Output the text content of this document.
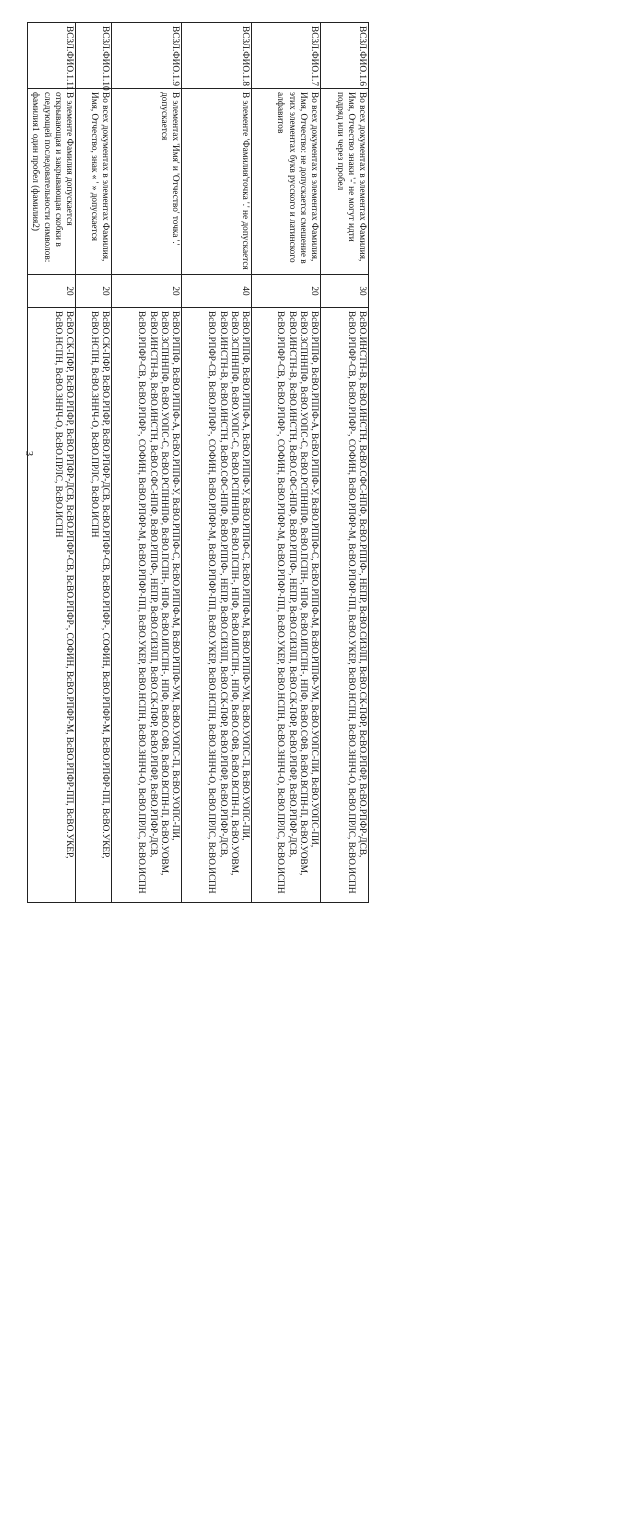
3
ВСЗЛ.ФИО.1.6	Во всех документах в элементах Фамилия, Имя, Отчество знаки '-' не могут идти подряд или через пробел	30	ВсВО.ИНСТН-В, ВсВО.ИНСТН, ВсВО.СФС-НПФ, ВсВО.РППФ-, НЕПР, ВсВО.СИЗЛП, ВсВО.СК-ПФР, ВсВО.РПФР, ВсВО.РПФР-ДСВ, ВсВО.РПФР-СВ, ВсВО.РПФР-, СОФИН, ВсВО.РПФР-М, ВсВО.РПФР-ПП, ВсВО.УКЕР, ВсВО.НСПН, ВсВО.ЗННЧ-О, ВсВО.ПРЛС, ВсВО.ИСПН
ВСЗЛ.ФИО.1.7	Во всех документах в элементах Фамилия, Имя, Отчество: не допускается смешение в этих элементах букв русского и латинского алфавитов	20	ВсВО.РППФ, ВсВО.РППФ-А, ВсВО.РППФ-У, ВсВО.РППФ-С, ВсВО.РППФ-М, ВсВО.РППФ-УМ, ВсВО.УОПС-ПИ, ВсВО.УОПС-ПИ, ВсВО.ЗСПННПФ, ВсВО.УОПС-С, ВсВО.РСПННПФ, ВсВО.ПСПН-, НПФ, ВсВО.ИПСПН-, НПФ, ВсВО.СФВ, ВсВО.ВСПН-П, ВсВО.УОВМ, ВсВО.ИНСТН-В, ВсВО.ИНСТН, ВсВО.СФС-НПФ, ВсВО.РППФ-, НЕПР, ВсВО.СИЗЛП, ВсВО.СК-ПФР, ВсВО.РПФР, ВсВО.РПФР-ДСВ, ВсВО.РПФР-СВ, ВсВО.РПФР-, СОФИН, ВсВО.РПФР-М, ВсВО.РПФР-ПП, ВсВО.УКЕР, ВсВО.НСПН, ВсВО.ЗННЧ-О, ВсВО.ПРЛС, ВсВО.ИСПН
ВСЗЛ.ФИО.1.8	В элементе 'Фамилия'точка '.' не допускается	40	ВсВО.РППФ, ВсВО.РППФ-А, ВсВО.РППФ-У, ВсВО.РППФ-С, ВсВО.РППФ-М, ВсВО.РППФ-УМ, ВсВО.УОПС-П, ВсВО.УОПС-ПИ, ВсВО.ЗСПННПФ, ВсВО.УОПС-С, ВсВО.РСПННПФ, ВсВО.ПСПН-, НПФ, ВсВО.ИПСПН-, НПФ, ВсВО.СФВ, ВсВО.ВСПН-П, ВсВО.УОВМ, ВсВО.ИНСТН-В, ВсВО.ИНСТН, ВсВО.СФС-НПФ, ВсВО.РППФ-, НЕПР, ВсВО.СИЗЛП, ВсВО.СК-ПФР, ВсВО.РПФР, ВсВО.РПФР-ДСВ, ВсВО.РПФР-СВ, ВсВО.РПФР-, СОФИН, ВсВО.РПФР-М, ВсВО.РПФР-ПП, ВсВО.УКЕР, ВсВО.НСПН, ВсВО.ЗННЧ-О, ВсВО.ПРЛС, ВсВО.ИСПН
ВСЗЛ.ФИО.1.9	В элементах 'Имя' и 'Отчество' точка '.' допускается	20	ВсВО.РППФ, ВсВО.РППФ-А, ВсВО.РППФ-У, ВсВО.РППФ-С, ВсВО.РППФ-М, ВсВО.РППФ-УМ, ВсВО.УОПС-П, ВсВО.УОПС-ПИ, ВсВО.ЗСПННПФ, ВсВО.УОПС-С, ВсВО.РСПННПФ, ВсВО.ПСПН-, НПФ, ВсВО.ИПСПН-, НПФ, ВсВО.СФВ, ВсВО.ВСПН-П, ВсВО.УОВМ, ВсВО.ИНСТН-В, ВсВО.ИНСТН, ВсВО.СФС-НПФ, ВсВО.РППФ-, НЕПР, ВсВО.СИЗЛП, ВсВО.СК-ПФР, ВсВО.РПФР, ВсВО.РПФР-ДСВ, ВсВО.РПФР-СВ, ВсВО.РПФР-, СОФИН, ВсВО.РПФР-М, ВсВО.РПФР-ПП, ВсВО.УКЕР, ВсВО.НСПН, ВсВО.ЗННЧ-О, ВсВО.ПРЛС, ВсВО.ИСПН
ВСЗЛ.ФИО.1.10	Во всех документах в элементах Фамилия, Имя, Отчество, знак « ' » допускается	20	ВсВО.СК-ПФР, ВсВО.РПФР, ВсВО.РПФР-ДСВ, ВсВО.РПФР-СВ, ВсВО.РПФР-, СОФИН, ВсВО.РПФР-М, ВсВО.РПФР-ПП, ВсВО.УКЕР, ВсВО.НСПН, ВсВО.ЗННЧ-О, ВсВО.ПРЛС, ВсВО.ИСПН
ВСЗЛ.ФИО.1.11	В элементе Фамилия допускается открывающая и закрывающая скобки в следующей последовательности символов: фамилия1 один пробел (фамилия2)	20	ВсВО.СК-ПФР, ВсВО.РПФР, ВсВО.РПФР-ДСВ, ВсВО.РПФР-СВ, ВсВО.РПФР-, СОФИН, ВсВО.РПФР-М, ВсВО.РПФР-ПП, ВсВО.УКЕР, ВсВО.НСПН, ВсВО.ЗННЧ-О, ВсВО.ПРЛС, ВсВО.ИСПН
